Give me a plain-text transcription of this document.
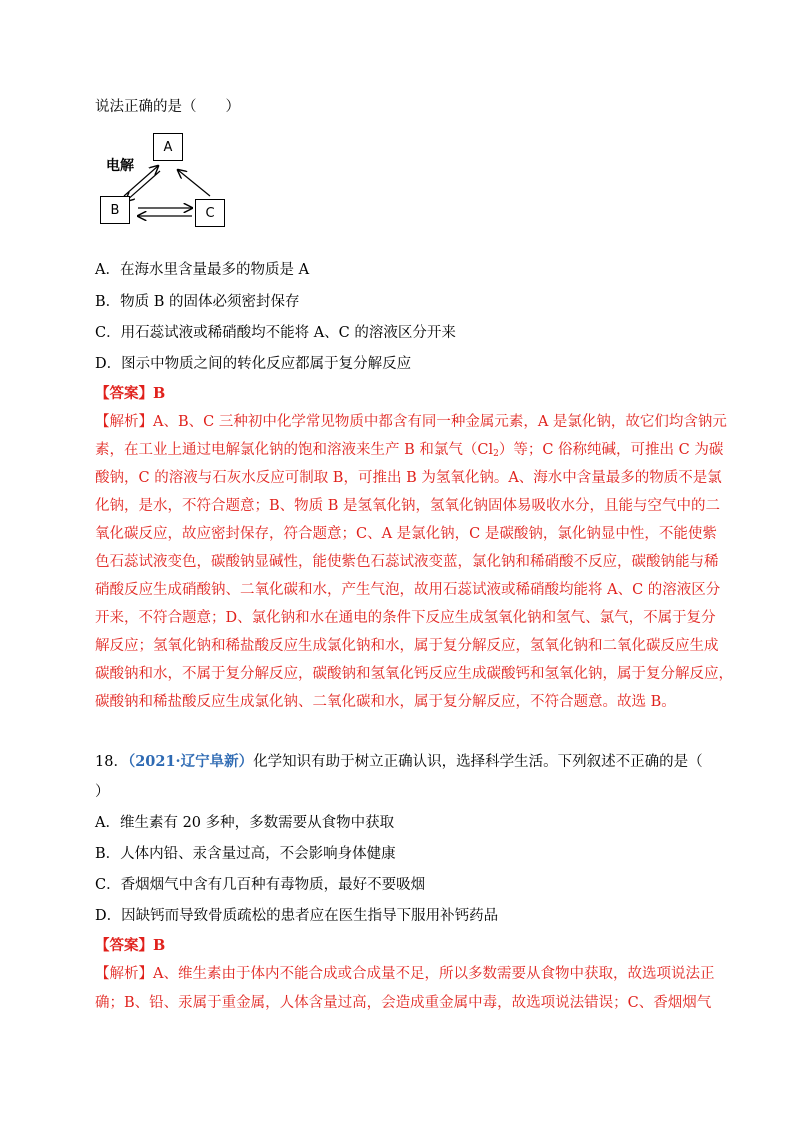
说法正确的是（　　）
A
B	C
电解
A．在海水里含量最多的物质是 A
B．物质 B 的固体必须密封保存
C．用石蕊试液或稀硝酸均不能将 A、C 的溶液区分开来
D．图示中物质之间的转化反应都属于复分解反应
【答案】B
【解析】A、B、C 三种初中化学常见物质中都含有同一种金属元素，A 是氯化钠，故它们均含钠元
素，在工业上通过电解氯化钠的饱和溶液来生产 B 和氯气$(Cl_2)$等；C 俗称纯碱，可推出 C 为碳
酸钠，C 的溶液与石灰水反应可制取 B，可推出 B 为氢氧化钠。A、海水中含量最多的物质不是氯
化钠，是水，不符合题意；B、物质 B 是氢氧化钠，氢氧化钠固体易吸收水分，且能与空气中的二
氧化碳反应，故应密封保存，符合题意；C、A 是氯化钠，C 是碳酸钠，氯化钠显中性，不能使紫
色石蕊试液变色，碳酸钠显碱性，能使紫色石蕊试液变蓝，氯化钠和稀硝酸不反应，碳酸钠能与稀
硝酸反应生成硝酸钠、二氧化碳和水，产生气泡，故用石蕊试液或稀硝酸均能将 A、C 的溶液区分
开来，不符合题意；D、氯化钠和水在通电的条件下反应生成氢氧化钠和氢气、氯气，不属于复分
解反应；氢氧化钠和稀盐酸反应生成氯化钠和水，属于复分解反应，氢氧化钠和二氧化碳反应生成
碳酸钠和水，不属于复分解反应，碳酸钠和氢氧化钙反应生成碳酸钙和氢氧化钠，属于复分解反应，
碳酸钠和稀盐酸反应生成氯化钠、二氧化碳和水，属于复分解反应，不符合题意。故选 B。
18．（2021·辽宁阜新）化学知识有助于树立正确认识，选择科学生活。下列叙述不正确的是（
）
A．维生素有 20 多种，多数需要从食物中获取
B．人体内铅、汞含量过高，不会影响身体健康
C．香烟烟气中含有几百种有毒物质，最好不要吸烟
D．因缺钙而导致骨质疏松的患者应在医生指导下服用补钙药品
【答案】B
【解析】A、维生素由于体内不能合成或合成量不足，所以多数需要从食物中获取，故选项说法正
确；B、铅、汞属于重金属，人体含量过高，会造成重金属中毒，故选项说法错误；C、香烟烟气
